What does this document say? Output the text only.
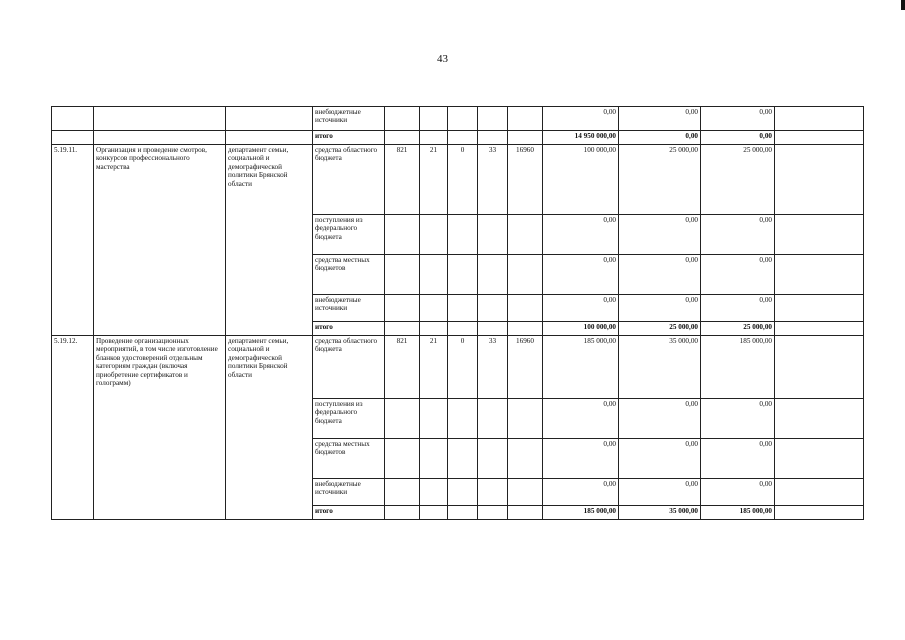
43
			внебюджетные источники						0,00	0,00	0,00	
			итого						14 950 000,00	0,00	0,00	
5.19.11.	Организация и проведение смотров, конкурсов профессионального мастерства	департамент семьи, социальной и демографической политики Брянской области	средства областного бюджета	821	21	0	33	16960	100 000,00	25 000,00	25 000,00	
			поступления из федерального бюджета						0,00	0,00	0,00	
			средства местных бюджетов						0,00	0,00	0,00	
			внебюджетные источники						0,00	0,00	0,00	
			итого						100 000,00	25 000,00	25 000,00	
5.19.12.	Проведение организационных мероприятий, в том числе изготовление бланков удостоверений отдельным категориям граждан (включая приобретение сертификатов и голограмм)	департамент семьи, социальной и демографической политики Брянской области	средства областного бюджета	821	21	0	33	16960	185 000,00	35 000,00	185 000,00	
			поступления из федерального бюджета						0,00	0,00	0,00	
			средства местных бюджетов						0,00	0,00	0,00	
			внебюджетные источники						0,00	0,00	0,00	
			итого						185 000,00	35 000,00	185 000,00	
